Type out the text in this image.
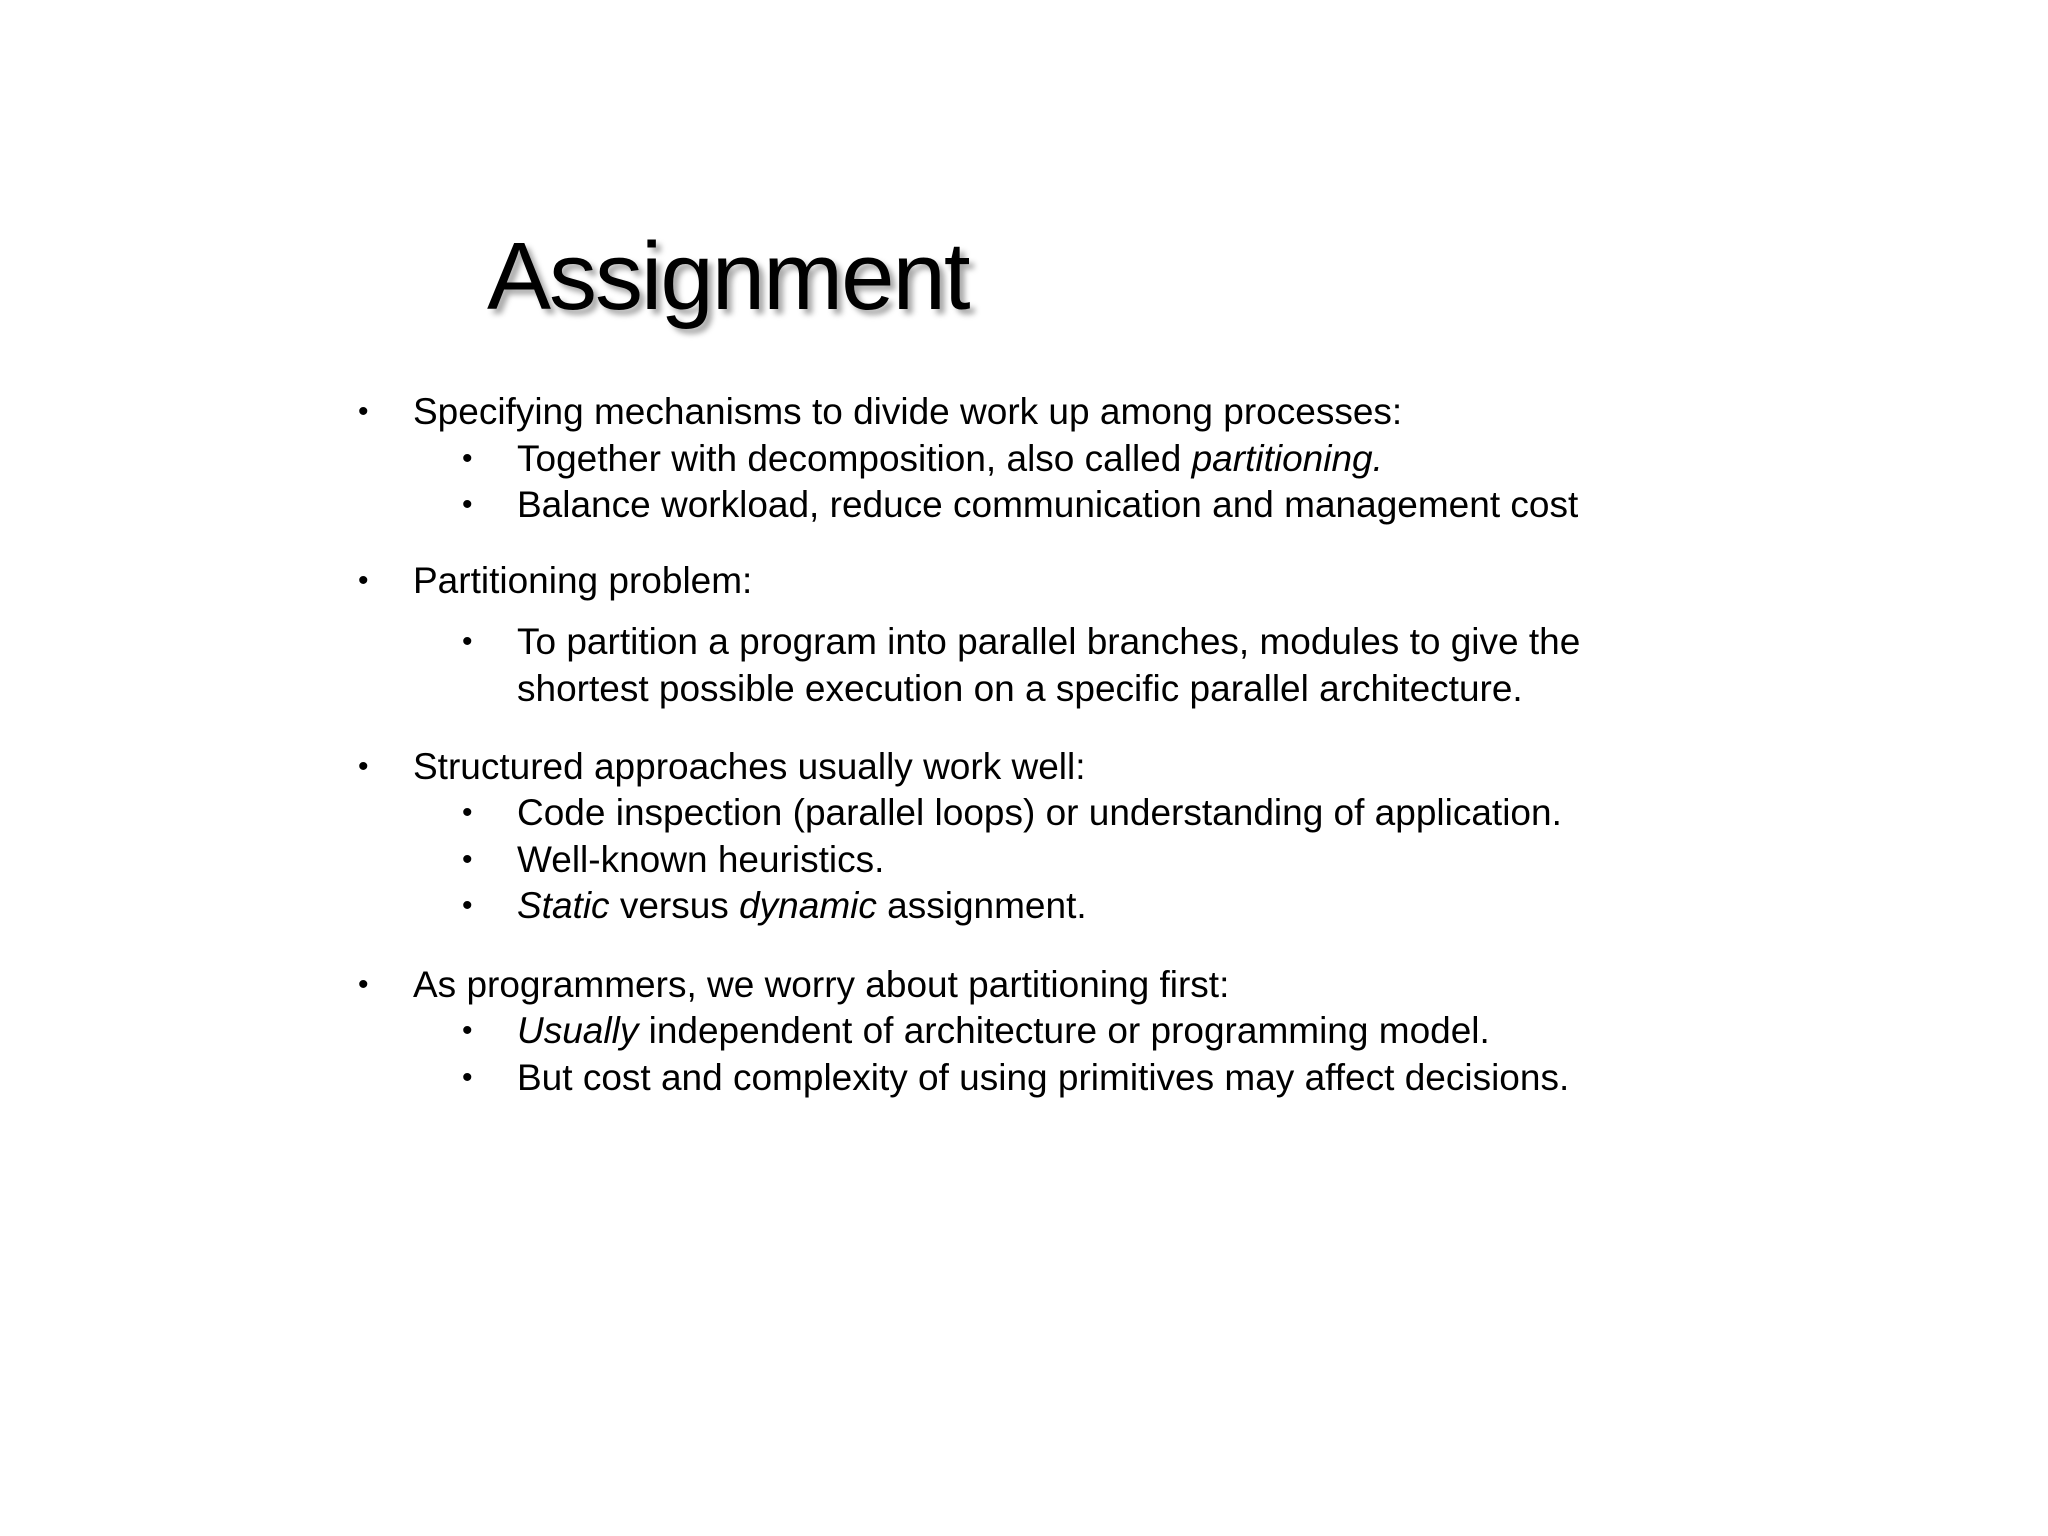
Assignment
• Specifying mechanisms to divide work up among processes:
• Together with decomposition, also called partitioning.
• Balance workload, reduce communication and management cost
• Partitioning problem:
• To partition a program into parallel branches, modules to give the
shortest possible execution on a specific parallel architecture.
• Structured approaches usually work well:
• Code inspection (parallel loops) or understanding of application.
• Well-known heuristics.
• Static versus dynamic assignment.
• As programmers, we worry about partitioning first:
• Usually independent of architecture or programming model.
• But cost and complexity of using primitives may affect decisions.
